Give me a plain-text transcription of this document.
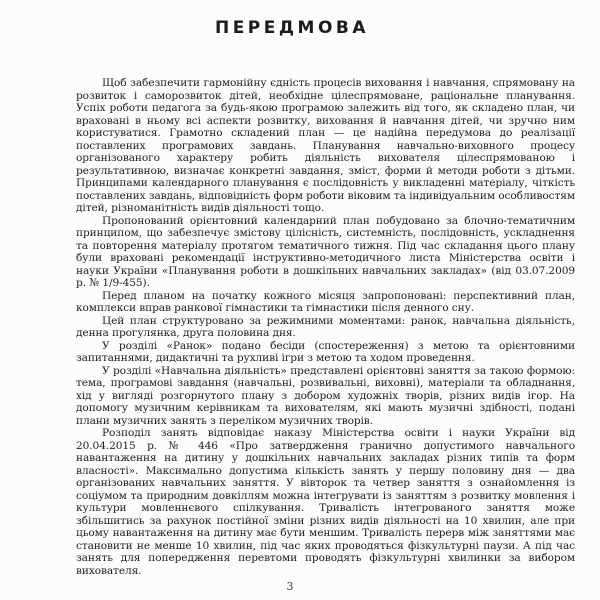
ПЕРЕДМОВА

Щоб забезпечити гармонійну єдність процесів виховання і навчання, спрямовану на розвиток і саморозвиток дітей, необхідне цілеспрямоване, раціональне планування. Успіх роботи педагога за будь-якою програмою залежить від того, як складено план, чи враховані в ньому всі аспекти розвитку, виховання й навчання дітей, чи зручно ним користуватися. Грамотно складений план — це надійна передумова до реалізації поставлених програмових завдань. Планування навчально-виховного процесу організованого характеру робить діяльність вихователя цілеспрямованою і результативною, визначає конкретні завдання, зміст, форми й методи роботи з дітьми. Принципами календарного планування є послідовність у викладенні матеріалу, чіткість поставлених завдань, відповідність форм роботи віковим та індивідуальним особливостям дітей, різноманітність видів діяльності тощо.

Пропонований орієнтовний календарний план побудовано за блочно-тематичним принципом, що забезпечує змістову цілісність, системність, послідовність, ускладнення та повторення матеріалу протягом тематичного тижня. Під час складання цього плану були враховані рекомендації інструктивно-методичного листа Міністерства освіти і науки України «Планування роботи в дошкільних навчальних закладах» (від 03.07.2009 р. № 1/9-455).

Перед планом на початку кожного місяця запропоновані: перспективний план, комплекси вправ ранкової гімнастики та гімнастики після денного сну.

Цей план структуровано за режимними моментами: ранок, навчальна діяльність, денна прогулянка, друга половина дня.

У розділі «Ранок» подано бесіди (спостереження) з метою та орієнтовними запитаннями, дидактичні та рухливі ігри з метою та ходом проведення.

У розділі «Навчальна діяльність» представлені орієнтовні заняття за такою формою: тема, програмові завдання (навчальні, розвивальні, виховні), матеріали та обладнання, хід у вигляді розгорнутого плану з добором художніх творів, різних видів ігор. На допомогу музичним керівникам та вихователям, які мають музичні здібності, подані плани музичних занять з переліком музичних творів.

Розподіл занять відповідає наказу Міністерства освіти і науки України від 20.04.2015 р. № 446 «Про затвердження гранично допустимого навчального навантаження на дитину у дошкільних навчальних закладах різних типів та форм власності». Максимально допустима кількість занять у першу половину дня — два організованих навчальних заняття. У вівторок та четвер заняття з ознайомлення із соціумом та природним довкіллям можна інтегрувати із заняттям з розвитку мовлення і культури мовленнєвого спілкування. Тривалість інтегрованого заняття може збільшитись за рахунок постійної зміни різних видів діяльності на 10 хвилин, але при цьому навантаження на дитину має бути меншим. Тривалість перерв між заняттями має становити не менше 10 хвилин, під час яких проводяться фізкультурні паузи. А під час занять для попередження перевтоми проводять фізкультурні хвилинки за вибором вихователя.

3
